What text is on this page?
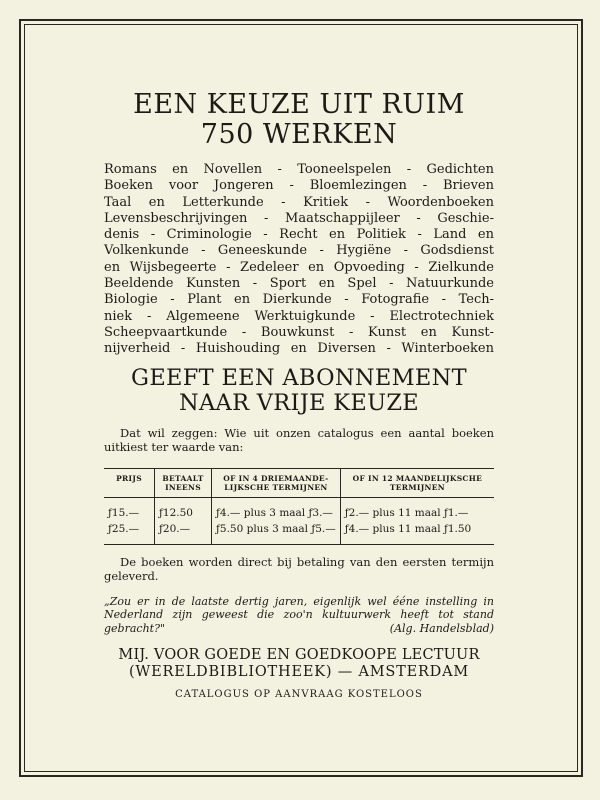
EEN KEUZE UIT RUIM
750 WERKEN
Romans en Novellen - Tooneelspelen - Gedichten
Boeken voor Jongeren - Bloemlezingen - Brieven
Taal en Letterkunde - Kritiek - Woordenboeken
Levensbeschrijvingen - Maatschappijleer - Geschie-
denis - Criminologie - Recht en Politiek - Land en
Volkenkunde - Geneeskunde - Hygiëne - Godsdienst
en Wijsbegeerte - Zedeleer en Opvoeding - Zielkunde
Beeldende Kunsten - Sport en Spel - Natuurkunde
Biologie - Plant en Dierkunde - Fotografie - Tech-
niek - Algemeene Werktuigkunde - Electrotechniek
Scheepvaartkunde - Bouwkunst - Kunst en Kunst-
nijverheid - Huishouding en Diversen - Winterboeken
GEEFT EEN ABONNEMENT
NAAR VRIJE KEUZE

Dat wil zeggen: Wie uit onzen catalogus een aantal boeken uitkiest ter waarde van:

PRIJS	BETAALT INEENS	OF IN 4 DRIEMAANDE-LIJKSCHE TERMIJNEN	OF IN 12 MAANDELIJKSCHE TERMIJNEN
ƒ15.—	ƒ12.50	ƒ4.— plus 3 maal ƒ3.—	ƒ2.— plus 11 maal ƒ1.—
ƒ25.—	ƒ20.—	ƒ5.50 plus 3 maal ƒ5.—	ƒ4.— plus 11 maal ƒ1.50

De boeken worden direct bij betaling van den eersten termijn geleverd.

„Zou er in de laatste dertig jaren, eigenlijk wel ééne instelling in Nederland zijn geweest die zoo'n kultuurwerk heeft tot stand gebracht?"	(Alg. Handelsblad)
MIJ. VOOR GOEDE EN GOEDKOOPE LECTUUR
(WERELDBIBLIOTHEEK) — AMSTERDAM
CATALOGUS OP AANVRAAG KOSTELOOS
